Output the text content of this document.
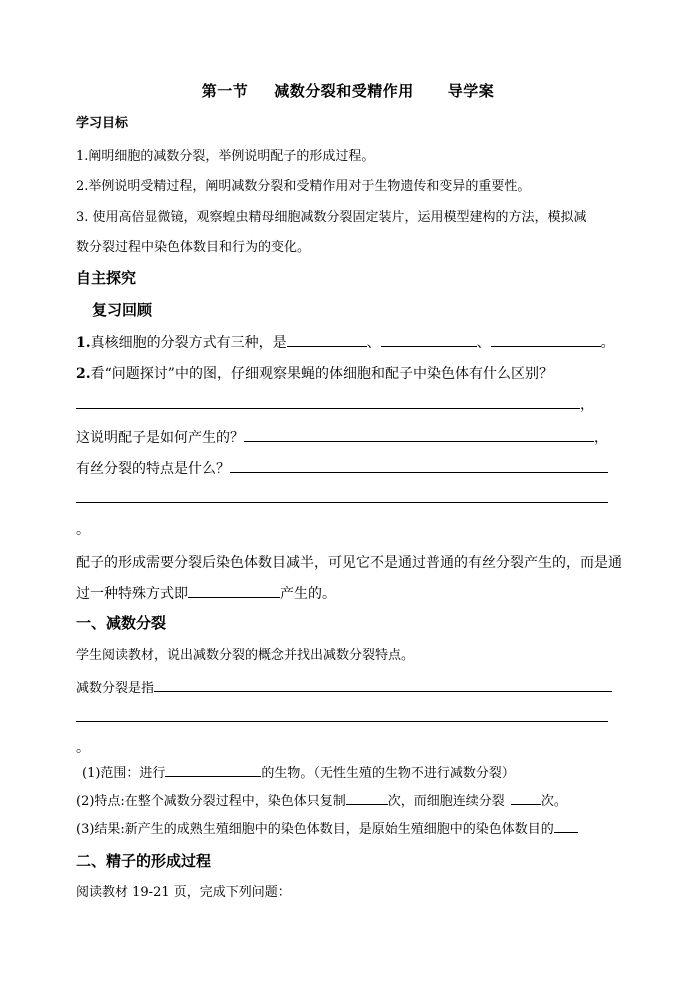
第一节 减数分裂和受精作用 导学案
学习目标
1.阐明细胞的减数分裂，举例说明配子的形成过程。
2.举例说明受精过程，阐明减数分裂和受精作用对于生物遗传和变异的重要性。
3. 使用高倍显微镜，观察蝗虫精母细胞减数分裂固定装片，运用模型建构的方法，模拟减
数分裂过程中染色体数目和行为的变化。
自主探究
复习回顾
1.真核细胞的分裂方式有三种，是	、	、	。
2.看“问题探讨”中的图，仔细观察果蝇的体细胞和配子中染色体有什么区别？
，
这说明配子是如何产生的？	，
有丝分裂的特点是什么？
。
配子的形成需要分裂后染色体数目减半，可见它不是通过普通的有丝分裂产生的，而是通
过一种特殊方式即	产生的。
一、减数分裂
学生阅读教材，说出减数分裂的概念并找出减数分裂特点。
减数分裂是指
。
(1)范围：进行	的生物。（无性生殖的生物不进行减数分裂）
(2)特点:在整个减数分裂过程中，染色体只复制	次，而细胞连续分裂	次。
(3)结果:新产生的成熟生殖细胞中的染色体数目，是原始生殖细胞中的染色体数目的
二、精子的形成过程
阅读教材 19-21 页，完成下列问题：
